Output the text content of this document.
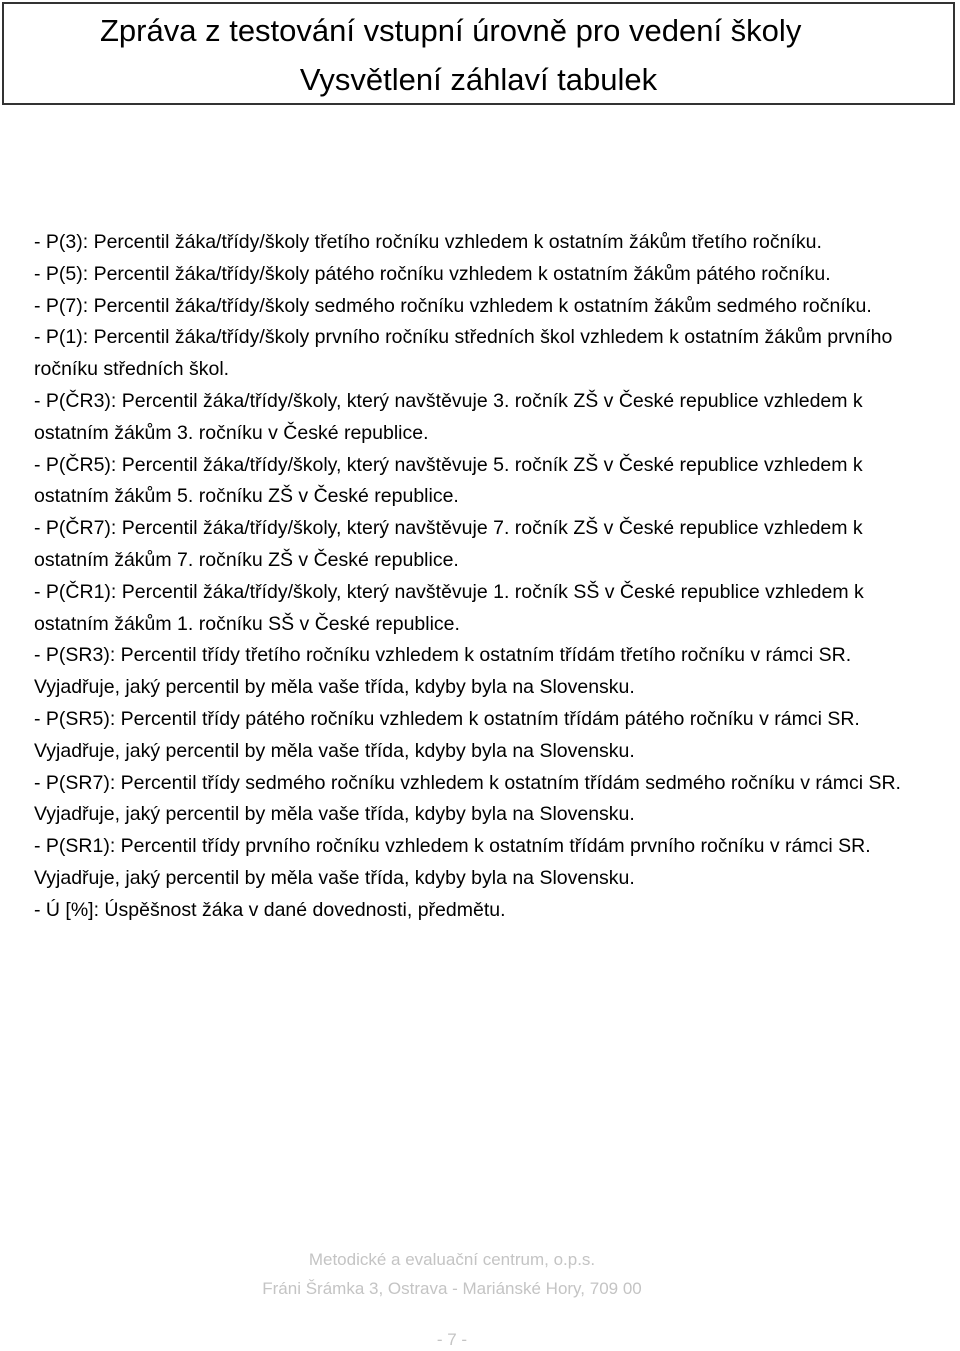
Zpráva z testování vstupní úrovně pro vedení školy
Vysvětlení záhlaví tabulek
- P(3): Percentil žáka/třídy/školy třetího ročníku vzhledem k ostatním žákům třetího ročníku.
- P(5): Percentil žáka/třídy/školy pátého ročníku vzhledem k ostatním žákům pátého ročníku.
- P(7): Percentil žáka/třídy/školy sedmého ročníku vzhledem k ostatním žákům sedmého ročníku.
- P(1): Percentil žáka/třídy/školy prvního ročníku středních škol vzhledem k ostatním žákům prvního ročníku středních škol.
- P(ČR3): Percentil žáka/třídy/školy, který navštěvuje 3. ročník ZŠ v České republice vzhledem k ostatním žákům 3. ročníku v České republice.
- P(ČR5): Percentil žáka/třídy/školy, který navštěvuje 5. ročník ZŠ v České republice vzhledem k ostatním žákům 5. ročníku ZŠ v České republice.
- P(ČR7): Percentil žáka/třídy/školy, který navštěvuje 7. ročník ZŠ v České republice vzhledem k ostatním žákům 7. ročníku ZŠ v České republice.
- P(ČR1): Percentil žáka/třídy/školy, který navštěvuje 1. ročník SŠ v České republice vzhledem k ostatním žákům 1. ročníku SŠ v České republice.
- P(SR3): Percentil třídy třetího ročníku vzhledem k ostatním třídám třetího ročníku v rámci SR. Vyjadřuje, jaký percentil by měla vaše třída, kdyby byla na Slovensku.
- P(SR5): Percentil třídy pátého ročníku vzhledem k ostatním třídám pátého ročníku v rámci SR. Vyjadřuje, jaký percentil by měla vaše třída, kdyby byla na Slovensku.
- P(SR7): Percentil třídy sedmého ročníku vzhledem k ostatním třídám sedmého ročníku v rámci SR. Vyjadřuje, jaký percentil by měla vaše třída, kdyby byla na Slovensku.
- P(SR1): Percentil třídy prvního ročníku vzhledem k ostatním třídám prvního ročníku v rámci SR. Vyjadřuje, jaký percentil by měla vaše třída, kdyby byla na Slovensku.
- Ú [%]: Úspěšnost žáka v dané dovednosti, předmětu.
Metodické a evaluační centrum, o.p.s.
Fráni Šrámka 3, Ostrava - Mariánské Hory, 709 00
- 7 -
